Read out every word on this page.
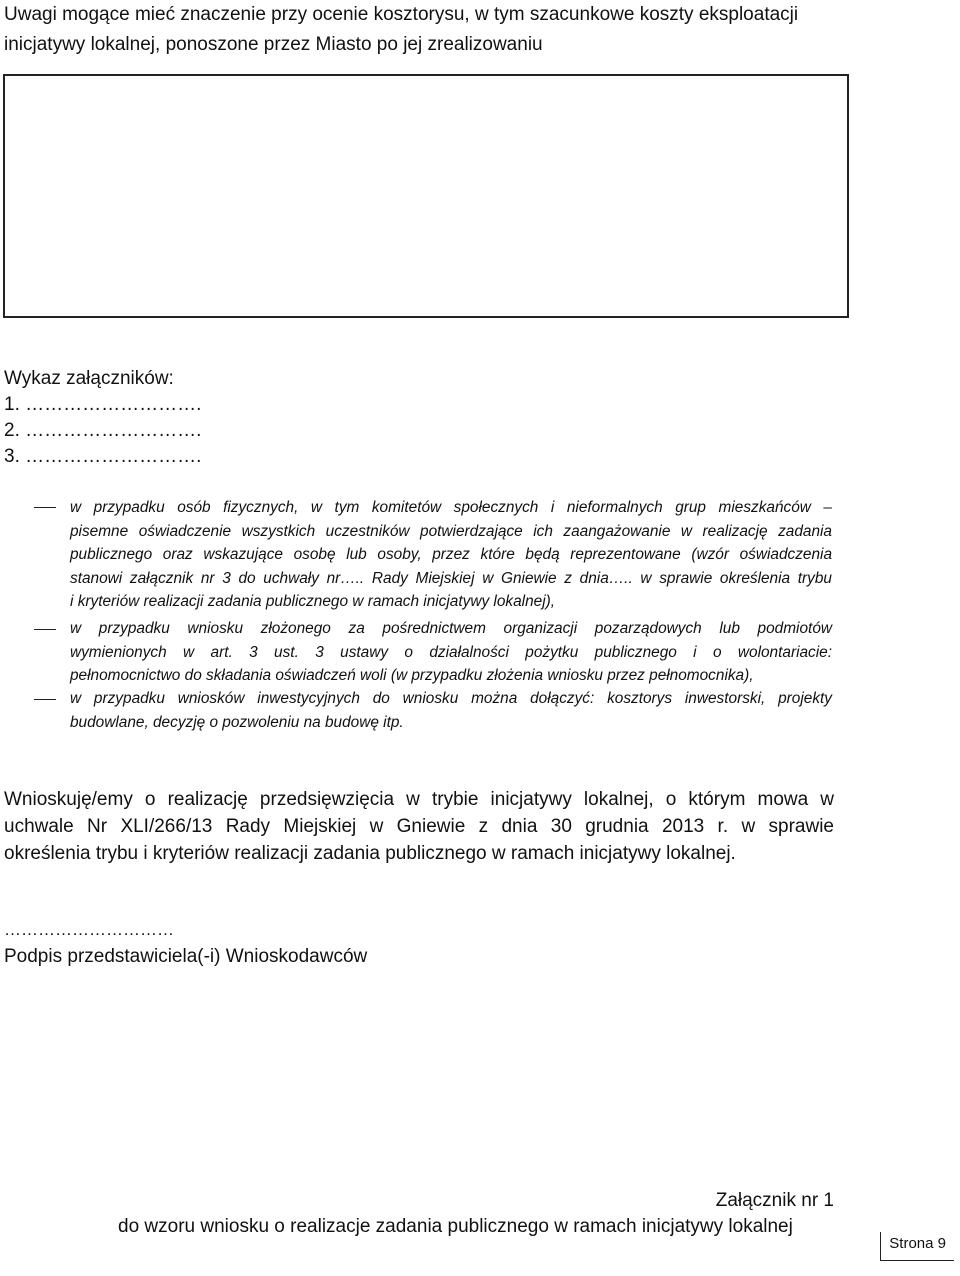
Uwagi mogące mieć znaczenie przy ocenie kosztorysu, w tym szacunkowe koszty eksploatacji
inicjatywy lokalnej, ponoszone przez Miasto po jej zrealizowaniu
Wykaz załączników:
1. ……………………….
2. ……………………….
3. ……………………….
w przypadku osób fizycznych, w tym komitetów społecznych i nieformalnych grup mieszkańców –
pisemne oświadczenie wszystkich uczestników potwierdzające ich zaangażowanie w realizację zadania
publicznego oraz wskazujące osobę lub osoby, przez które będą reprezentowane (wzór oświadczenia
stanowi załącznik nr 3 do uchwały nr….. Rady Miejskiej w Gniewie z dnia….. w sprawie określenia trybu
i kryteriów realizacji zadania publicznego w ramach inicjatywy lokalnej),
w przypadku wniosku złożonego za pośrednictwem organizacji pozarządowych lub podmiotów
wymienionych w art. 3 ust. 3 ustawy o działalności pożytku publicznego i o wolontariacie:
pełnomocnictwo do składania oświadczeń woli (w przypadku złożenia wniosku przez pełnomocnika),
w przypadku wniosków inwestycyjnych do wniosku można dołączyć: kosztorys inwestorski, projekty
budowlane, decyzję o pozwoleniu na budowę itp.
Wnioskuję/emy o realizację przedsięwzięcia w trybie inicjatywy lokalnej, o którym mowa w
uchwale Nr XLI/266/13 Rady Miejskiej w Gniewie z dnia 30 grudnia 2013 r. w sprawie
określenia trybu i kryteriów realizacji zadania publicznego w ramach inicjatywy lokalnej.
…………………………
Podpis przedstawiciela(-i) Wnioskodawców
Załącznik nr 1
do wzoru wniosku o realizacje zadania publicznego w ramach inicjatywy lokalnej
Strona 9
